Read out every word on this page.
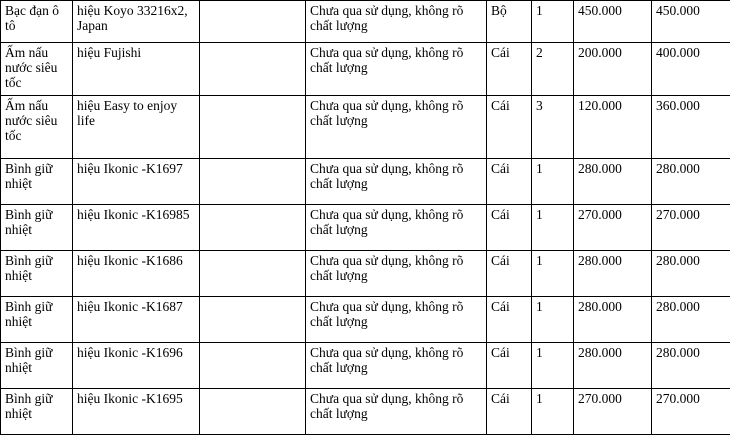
Bạc đạn ô tô	hiệu Koyo 33216x2, Japan		Chưa qua sử dụng, không rõ chất lượng	Bộ	1	450.000	450.000
Ấm nấu nước siêu tốc	hiệu Fujishi		Chưa qua sử dụng, không rõ chất lượng	Cái	2	200.000	400.000
Ấm nấu nước siêu tốc	hiệu Easy to enjoy life		Chưa qua sử dụng, không rõ chất lượng	Cái	3	120.000	360.000
Bình giữ nhiệt	hiệu Ikonic -K1697		Chưa qua sử dụng, không rõ chất lượng	Cái	1	280.000	280.000
Bình giữ nhiệt	hiệu Ikonic -K16985		Chưa qua sử dụng, không rõ chất lượng	Cái	1	270.000	270.000
Bình giữ nhiệt	hiệu Ikonic -K1686		Chưa qua sử dụng, không rõ chất lượng	Cái	1	280.000	280.000
Bình giữ nhiệt	hiệu Ikonic -K1687		Chưa qua sử dụng, không rõ chất lượng	Cái	1	280.000	280.000
Bình giữ nhiệt	hiệu Ikonic -K1696		Chưa qua sử dụng, không rõ chất lượng	Cái	1	280.000	280.000
Bình giữ nhiệt	hiệu Ikonic -K1695		Chưa qua sử dụng, không rõ chất lượng	Cái	1	270.000	270.000
